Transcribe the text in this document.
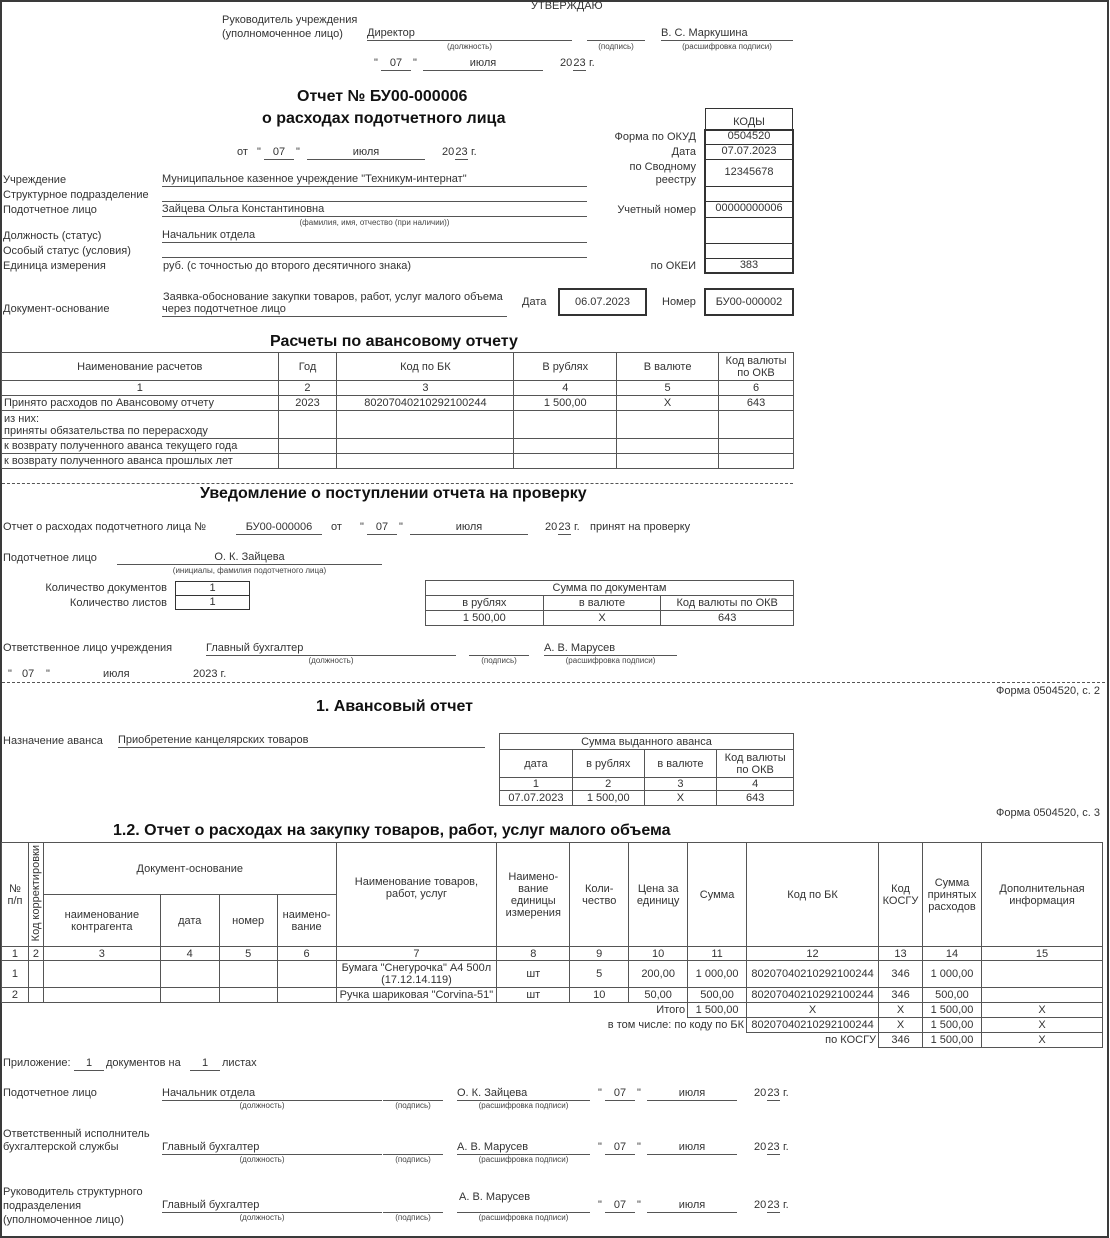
УТВЕРЖДАЮ
Руководитель учреждения
(уполномоченное лицо) Директор
(должность)	(подпись)
В. С. Маркушина
(расшифровка подписи)
"	07 "	июля	20 23 г.
Отчет № БУ00-000006
о расходах подотчетного лица
от "	07 "	июля	20 23 г.
КОДЫ
Форма по ОКУД	0504520
Дата	07.07.2023
по Сводному
реестру
12345678
Учетный номер	00000000006
по ОКЕИ	383
Учреждение	Муниципальное казенное учреждение "Техникум-интернат"
Структурное подразделение
Подотчетное лицо	Зайцева Ольга Константиновна
(фамилия, имя, отчество (при наличии))
Должность (статус)	Начальник отдела
Особый статус (условия)
Единица измерения	руб. (с точностью до второго десятичного знака)
Документ-основание
Заявка-обоснование закупки товаров, работ, услуг малого объема
через подотчетное лицо
Дата	06.07.2023	Номер	БУ00-000002
Расчеты по авансовому отчету
Наименование расчетов	Год	Код по БК	В рублях	В валюте	Код валюты по ОКВ
1	2	3	4	5	6
Принято расходов по Авансовому отчету	2023	80207040210292100244	1 500,00	Х	643

из них:
приняты обязательства по перерасходу					

к возврату полученного аванса текущего года					
к возврату полученного аванса прошлых лет					
Уведомление о поступлении отчета на проверку
Отчет о расходах подотчетного лица №	БУ00-000006	от "	07 "	июля	20 23 г. принят на проверку
Подотчетное лицо	О. К. Зайцева
(инициалы, фамилия подотчетного лица)
Количество документов	1
Количество листов	1
Сумма по документам		
в рублях	в валюте	Код валюты по ОКВ
1 500,00	Х	643
Ответственное лицо учреждения	Главный бухгалтер
(должность)	(подпись)
А. В. Марусев
(расшифровка подписи)
" 07 "	июля	2023 г.
Форма 0504520, с. 2
1. Авансовый отчет
Назначение аванса Приобретение канцелярских товаров	Сумма выданного аванса			
дата	в рублях	в валюте	Код валюты по ОКВ
1	2	3	4
07.07.2023	1 500,00	Х	643
Форма 0504520, с. 3
1.2. Отчет о расходах на закупку товаров, работ, услуг малого объема
№ п/п	Код корректировки	Документ-основание				Наименование товаров, работ, услуг	Наимено-вание единицы измерения	Коли-чество	Цена за единицу	Сумма	Код по БК	Код КОСГУ	Сумма принятых расходов	Дополнительная информация
		наименование контрагента	дата	номер	наимено-вание									
1	2	3	4	5	6	7	8	9	10	11	12	13	14	15
1						Бумага "Снегурочка" А4 500л (17.12.14.119)	шт	5	200,00	1 000,00	80207040210292100244	346	1 000,00	
2						Ручка шариковая "Corvina-51"	шт	10	50,00	500,00	80207040210292100244	346	500,00	
Итого										1 500,00	Х	Х	1 500,00	Х
в том числе: по коду по БК											80207040210292100244	Х	1 500,00	Х
по КОСГУ												346	1 500,00	Х
Приложение:	1	документов на	1	листах
Подотчетное лицо	Начальник отдела
(должность)	(подпись)
О. К. Зайцева
(расшифровка подписи)
"	07 "	июля	20 23 г.
Ответственный исполнитель
бухгалтерской службы	Главный бухгалтер
(должность)	(подпись)
А. В. Марусев
(расшифровка подписи)
"	07 "	июля	20 23 г.
Руководитель структурного
подразделения
(уполномоченное лицо)
Главный бухгалтер
(должность)	(подпись)
А. В. Марусев
(расшифровка подписи)
"	07 "	июля	20 23 г.
